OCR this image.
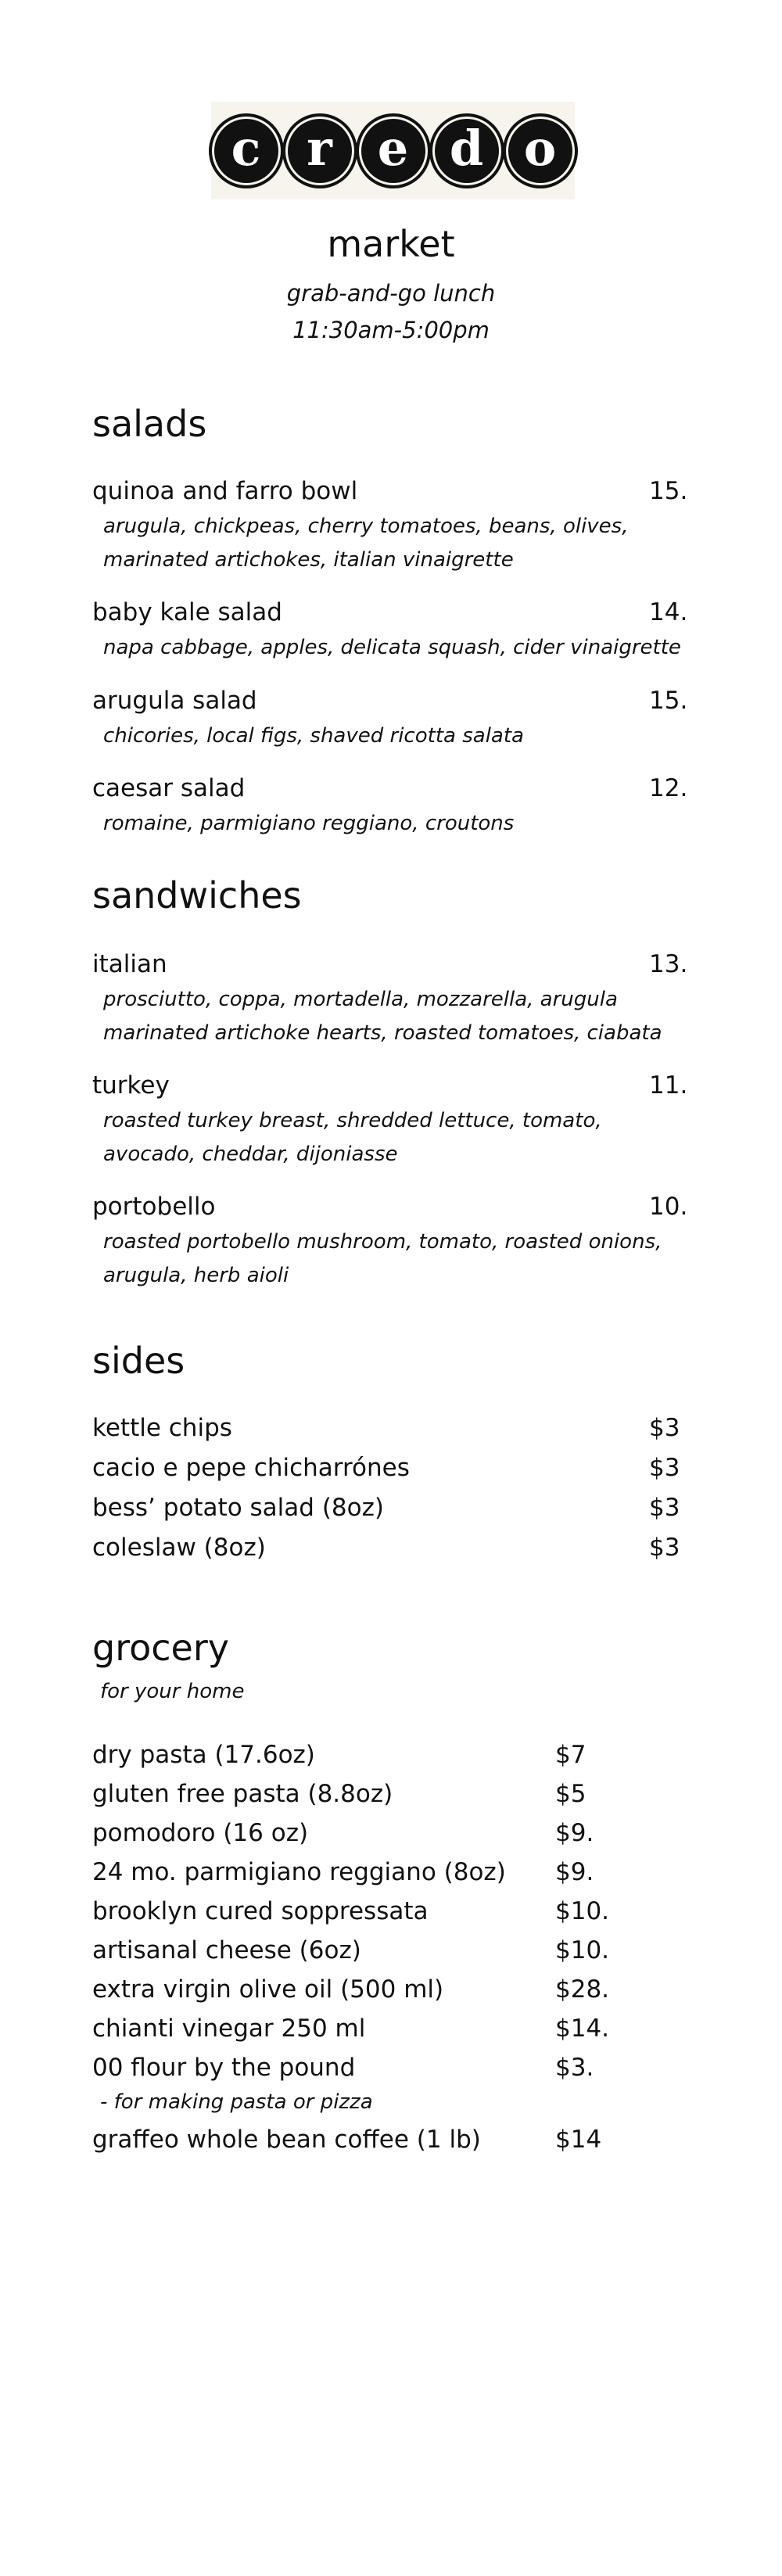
c r e d o
market
grab-and-go lunch
11:30am-5:00pm
salads
quinoa and farro bowl	15.
arugula, chickpeas, cherry tomatoes, beans, olives,
marinated artichokes, italian vinaigrette
baby kale salad	14.
napa cabbage, apples, delicata squash, cider vinaigrette
arugula salad	15.
chicories, local figs, shaved ricotta salata
caesar salad	12.
romaine, parmigiano reggiano, croutons
sandwiches
italian	13.
prosciutto, coppa, mortadella, mozzarella, arugula
marinated artichoke hearts, roasted tomatoes, ciabata
turkey	11.
roasted turkey breast, shredded lettuce, tomato,
avocado, cheddar, dijoniasse
portobello	10.
roasted portobello mushroom, tomato, roasted onions,
arugula, herb aioli
sides
kettle chips	$3
cacio e pepe chicharrónes	$3
bess’ potato salad (8oz)	$3
coleslaw (8oz)	$3
grocery
for your home
dry pasta (17.6oz)	$7
gluten free pasta (8.8oz)	$5
pomodoro (16 oz)	$9.
24 mo. parmigiano reggiano (8oz)	$9.
brooklyn cured soppressata	$10.
artisanal cheese (6oz)	$10.
extra virgin olive oil (500 ml)	$28.
chianti vinegar 250 ml	$14.
00 flour by the pound	$3.
- for making pasta or pizza
graffeo whole bean coffee (1 lb)	$14
